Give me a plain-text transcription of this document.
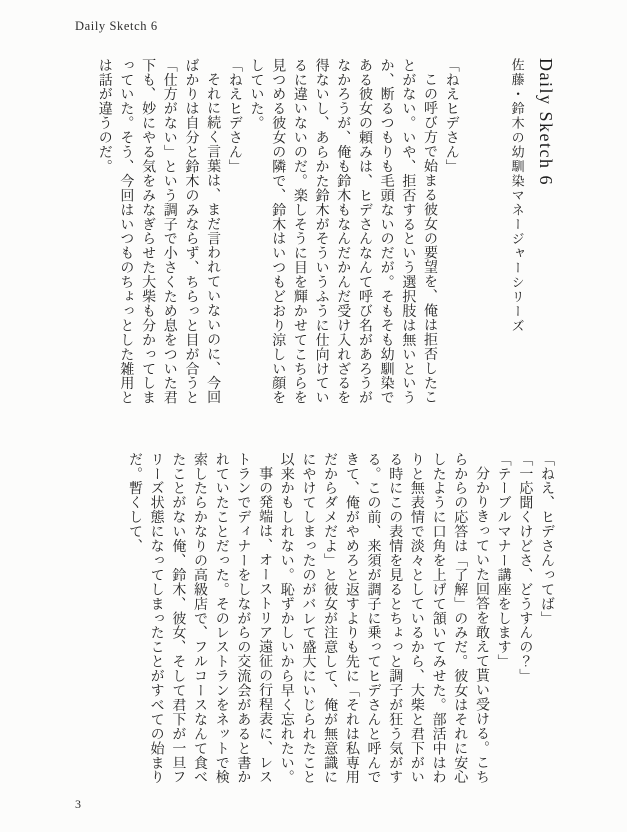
Daily Sketch 6
Daily Sketch 6
佐藤・鈴木の幼馴染マネージャーシリーズ

「ねえヒデさん」

この呼び方で始まる彼女の要望を、俺は拒否したことがない。いや、拒否するという選択肢は無いというか、断るつもりも毛頭ないのだが。そもそも幼馴染である彼女の頼みは、ヒデさんなんて呼び名があろうがなかろうが、俺も鈴木もなんだかんだ受け入れざるを得ないし、あらかた鈴木がそういうふうに仕向けているに違いないのだ。楽しそうに目を輝かせてこちらを見つめる彼女の隣で、鈴木はいつもどおり涼しい顔をしていた。

「ねえヒデさん」

それに続く言葉は、まだ言われていないのに、今回ばかりは自分と鈴木のみならず、ちらっと目が合うと「仕方がない」という調子で小さくため息をついた君下も、妙にやる気をみなぎらせた大柴も分かってしまっていた。そう、今回はいつものちょっとした雑用とは話が違うのだ。

「ねえ、ヒデさんってば」

「一応聞くけどさ、どうすんの？」

「テーブルマナー講座をします」

分かりきっていた回答を敢えて貰い受ける。こちらからの応答は「了解」のみだ。彼女はそれに安心したように口角を上げて頷いてみせた。部活中はわりと無表情で淡々としているから、大柴と君下がいる時にこの表情を見るとちょっと調子が狂う気がする。この前、来須が調子に乗ってヒデさんと呼んできて、俺がやめろと返すよりも先に「それは私専用だからダメだよ」と彼女が注意して、俺が無意識ににやけてしまったのがバレて盛大にいじられたこと以来かもしれない。恥ずかしいから早く忘れたい。

事の発端は、オーストリア遠征の行程表に、レストランでディナーをしながらの交流会があると書かれていたことだった。そのレストランをネットで検索したらかなりの高級店で、フルコースなんて食べたことがない俺、鈴木、彼女、そして君下が一旦フリーズ状態になってしまったことがすべての始まりだ。暫くして、

3
